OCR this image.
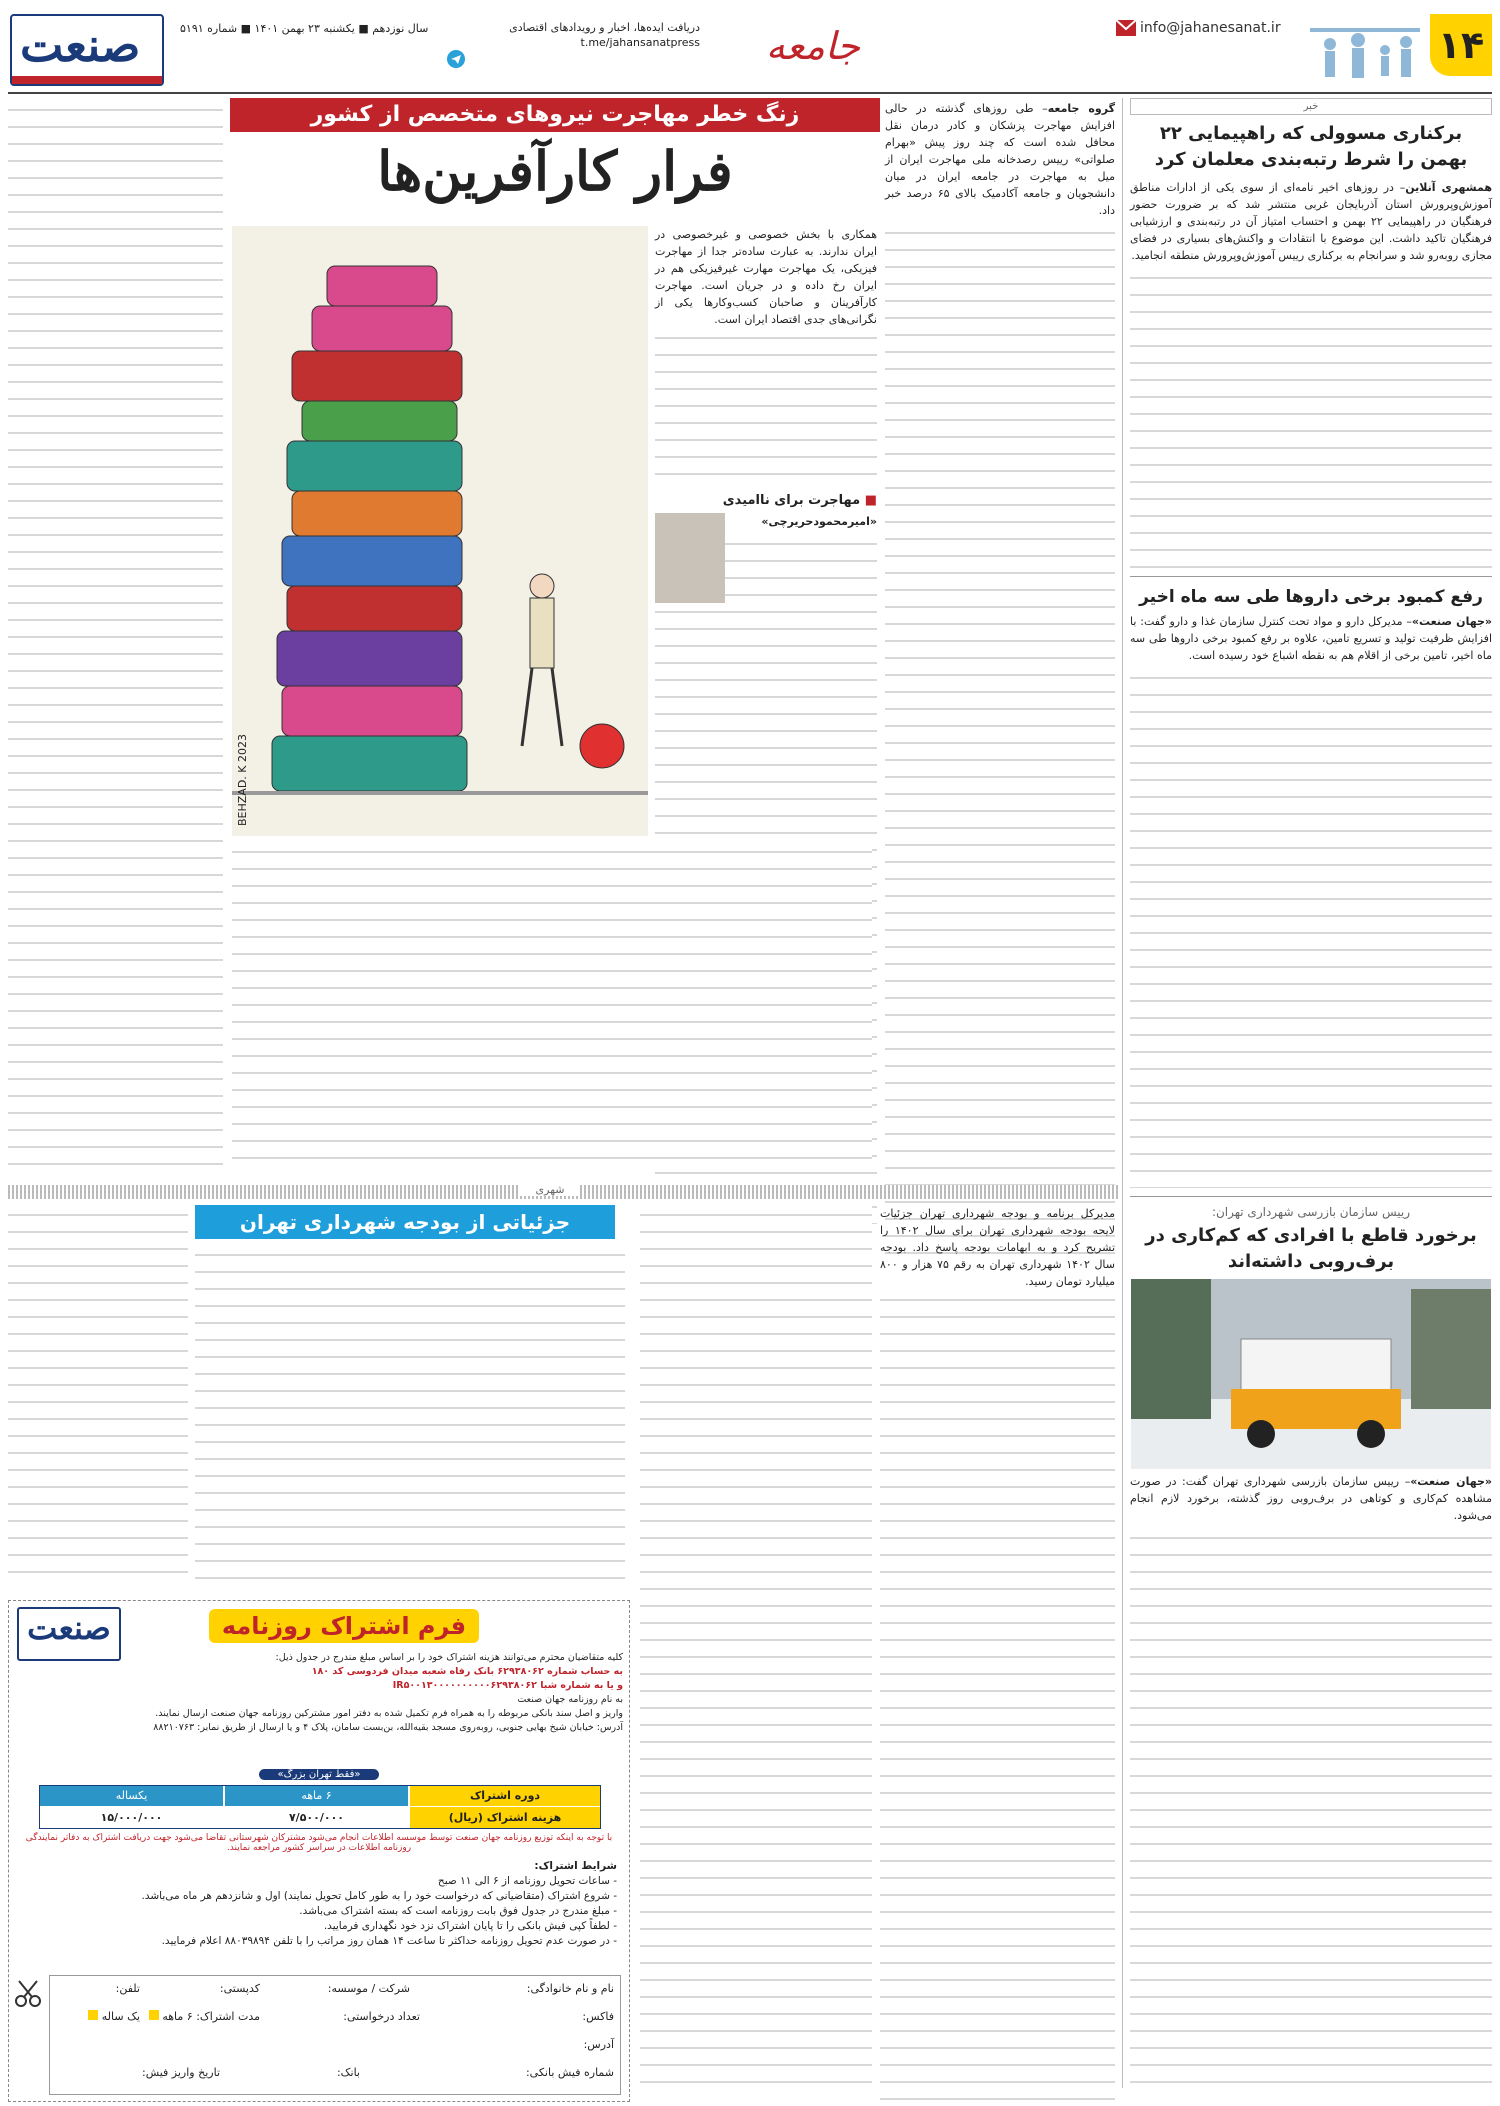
۱۴
info@jahanesanat.ir
جامعه
دریافت ایده‌ها، اخبار و رویدادهای اقتصادی
t.me/jahansanatpress
سال نوزدهم ■ یکشنبه ۲۳ بهمن ۱۴۰۱ ■ شماره ۵۱۹۱
صنعت
خبر
برکناری مسوولی که راهپیمایی ۲۲ بهمن را شرط رتبه‌بندی معلمان کرد
همشهری آنلاین– در روزهای اخیر نامه‌ای از سوی یکی از ادارات مناطق آموزش‌وپرورش استان آذربایجان غربی منتشر شد که بر ضرورت حضور فرهنگیان در راهپیمایی ۲۲ بهمن و احتساب امتیاز آن در رتبه‌بندی و ارزشیابی فرهنگیان تاکید داشت. این موضوع با انتقادات و واکنش‌های بسیاری در فضای مجازی روبه‌رو شد و سرانجام به برکناری رییس آموزش‌وپرورش منطقه انجامید.
رفع کمبود برخی داروها طی سه ماه اخیر
«جهان صنعت»– مدیرکل دارو و مواد تحت کنترل سازمان غذا و دارو گفت: با افزایش ظرفیت تولید و تسریع تامین، علاوه بر رفع کمبود برخی داروها طی سه ماه اخیر، تامین برخی از اقلام هم به نقطه اشباع خود رسیده است.
رییس سازمان بازرسی شهرداری تهران:
برخورد قاطع با افرادی که کم‌کاری در برف‌روبی داشته‌اند
«جهان صنعت»– رییس سازمان بازرسی شهرداری تهران گفت: در صورت مشاهده کم‌کاری و کوتاهی در برف‌روبی روز گذشته، برخورد لازم انجام می‌شود.
زنگ خطر مهاجرت نیروهای متخصص از کشور
فرار کارآفرین‌ها
گروه جامعه– طی روزهای گذشته در حالی افزایش مهاجرت پزشکان و کادر درمان نقل محافل شده است که چند روز پیش «بهرام صلواتی» رییس رصدخانه ملی مهاجرت ایران از میل به مهاجرت در جامعه ایران در میان دانشجویان و جامعه آکادمیک بالای ۶۵ درصد خبر داد.
همکاری با بخش خصوصی و غیرخصوصی در ایران ندارند. به عبارت ساده‌تر جدا از مهاجرت فیزیکی، یک مهاجرت مهارت غیرفیزیکی هم در ایران رخ داده و در جریان است. مهاجرت کارآفرینان و صاحبان کسب‌وکارها یکی از نگرانی‌های جدی اقتصاد ایران است.
■ مهاجرت برای ناامیدی
«امیرمحمودحریرچی»
BEHZAD. K 2023
شهری
جزئیاتی از بودجه شهرداری تهران	مدیرکل برنامه و بودجه شهرداری تهران جزئیات لایحه بودجه شهرداری تهران برای سال ۱۴۰۲ را تشریح کرد و به ابهامات بودجه پاسخ داد. بودجه سال ۱۴۰۲ شهرداری تهران به رقم ۷۵ هزار و ۸۰۰ میلیارد تومان رسید.
صنعت	فرم اشتراک روزنامه
کلیه متقاضیان محترم می‌توانند هزینه اشتراک خود را بر اساس مبلغ مندرج در جدول ذیل:
به حساب شماره ۶۲۹۳۸۰۶۲ بانک رفاه شعبه میدان فردوسی کد ۱۸۰
و یا به شماره شبا IR۵۰۰۱۳۰۰۰۰۰۰۰۰۰۰۶۲۹۳۸۰۶۲
به نام روزنامه جهان صنعت
واریز و اصل سند بانکی مربوطه را به همراه فرم تکمیل شده به دفتر امور مشترکین روزنامه جهان صنعت ارسال نمایند.
آدرس: خیابان شیخ بهایی جنوبی، روبه‌روی مسجد بقیه‌الله، بن‌بست سامان، پلاک ۴ و یا ارسال از طریق نمابر: ۸۸۲۱۰۷۶۳
«فقط تهران بزرگ»
دوره اشتراک
هزینه اشتراک (ریال)
۶ ماهه
یکساله
۷/۵۰۰/۰۰۰
۱۵/۰۰۰/۰۰۰
با توجه به اینکه توزیع روزنامه جهان صنعت توسط موسسه اطلاعات انجام می‌شود مشترکان شهرستانی تقاضا می‌شود جهت دریافت اشتراک به دفاتر نمایندگی روزنامه اطلاعات در سراسر کشور مراجعه نمایند.
شرایط اشتراک:
- ساعات تحویل روزنامه از ۶ الی ۱۱ صبح
- شروع اشتراک (متقاضیانی که درخواست خود را به طور کامل تحویل نمایند) اول و شانزدهم هر ماه می‌باشد.
- مبلغ مندرج در جدول فوق بابت روزنامه است که بسته اشتراک می‌باشد.
- لطفاً کپی فیش بانکی را تا پایان اشتراک نزد خود نگهداری فرمایید.
- در صورت عدم تحویل روزنامه حداکثر تا ساعت ۱۴ همان روز مراتب را با تلفن ۸۸۰۳۹۸۹۴ اعلام فرمایید.
نام و نام خانوادگی:
شرکت / موسسه:
کدپستی:
تلفن:
فاکس:
تعداد درخواستی:
مدت اشتراک: ۶ ماهه
یک ساله
آدرس:
شماره فیش بانکی:
بانک:
تاریخ واریز فیش:
